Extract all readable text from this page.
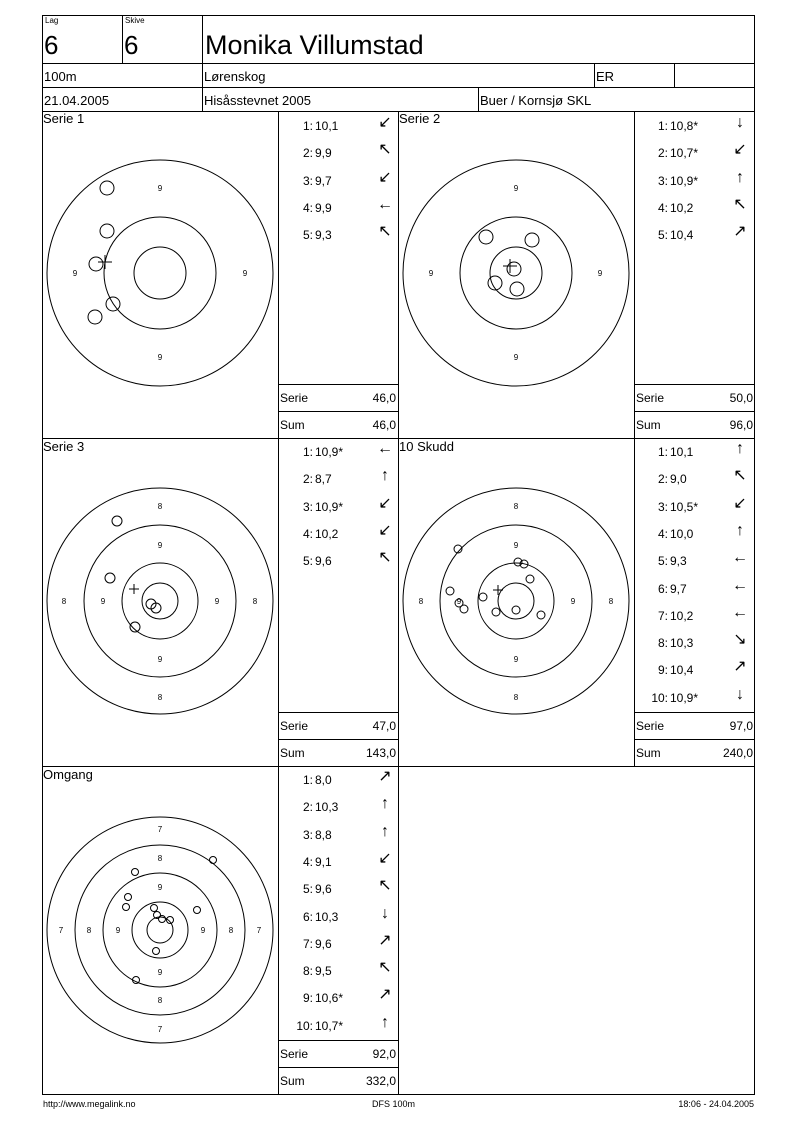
Lag
6
Skive
6 Monika Villumstad
100m	Lørenskog	ER
21.04.2005	Hisåsstevnet 2005	Buer / Kornsjø SKL
Serie 1	Serie 2
Serie 3	10 Skudd
Omgang
9
9
9	9
9
9
9	9
8
9
9
8
8	9	9	8
8
9
9
8
8	9	9	8
7
8
9
9
8
7
7	8	9	9	8	7
1: 10,1	↙
2: 9,9	↖
3: 9,7	↙
4: 9,9	←
5: 9,3	↖
1: 10,8*	↓
2: 10,7*	↙
3: 10,9*	↑
4: 10,2	↖
5: 10,4	↗
1: 10,9*	←
2: 8,7	↑
3: 10,9*	↙
4: 10,2	↙
5: 9,6	↖
1: 10,1	↑
2: 9,0	↖
3: 10,5*	↙
4: 10,0	↑
5: 9,3	←
6: 9,7	←
7: 10,2	←
8: 10,3	↘
9: 10,4	↗
10: 10,9*	↓
1: 8,0	↗
2: 10,3	↑
3: 8,8	↑
4: 9,1	↙
5: 9,6	↖
6: 10,3	↓
7: 9,6	↗
8: 9,5	↖
9: 10,6*	↗
10: 10,7*	↑
Serie	46,0
Sum	46,0
Serie	50,0
Sum	96,0
Serie	47,0
Sum	143,0
Serie	97,0
Sum	240,0
Serie	92,0
Sum	332,0
http://www.megalink.no	DFS 100m	18:06 - 24.04.2005
